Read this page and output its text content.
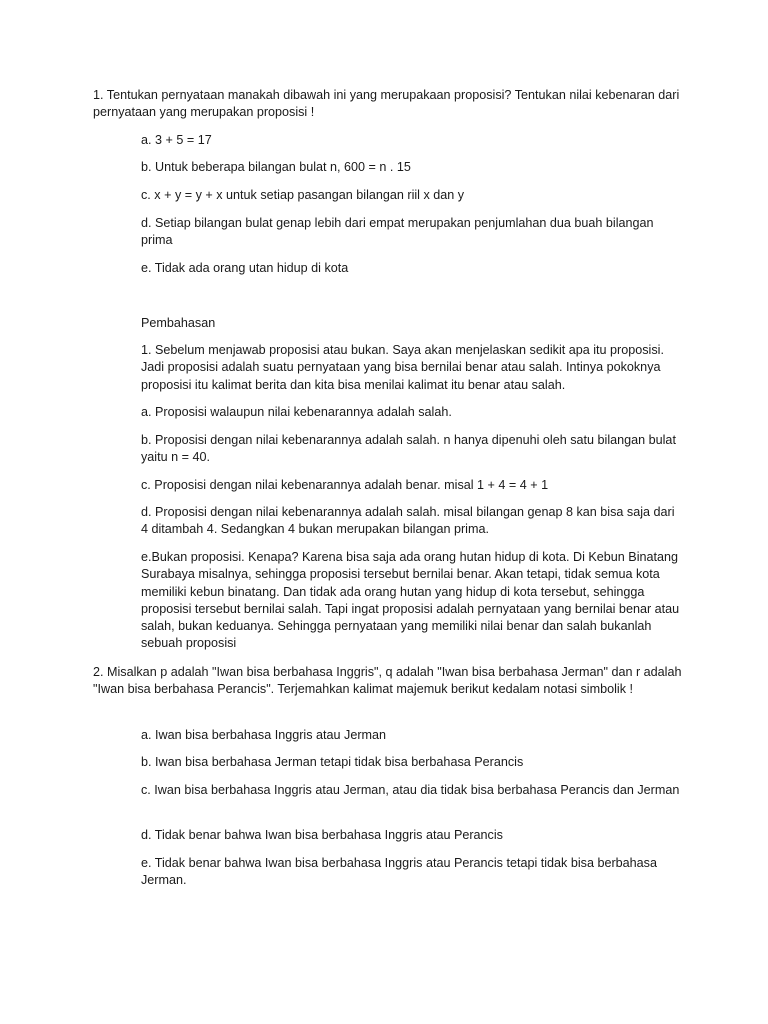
1. Tentukan pernyataan manakah dibawah ini yang merupakaan proposisi? Tentukan nilai kebenaran dari pernyataan yang merupakan proposisi !

a. 3 + 5 = 17

b. Untuk beberapa bilangan bulat n, 600 = n . 15

c. x + y = y + x untuk setiap pasangan bilangan riil x dan y

d. Setiap bilangan bulat genap lebih dari empat merupakan penjumlahan dua buah bilangan prima

e. Tidak ada orang utan hidup di kota

Pembahasan

1. Sebelum menjawab proposisi atau bukan. Saya akan menjelaskan sedikit apa itu proposisi. Jadi proposisi adalah suatu pernyataan yang bisa bernilai benar atau salah. Intinya pokoknya proposisi itu kalimat berita dan kita bisa menilai kalimat itu benar atau salah.

a. Proposisi walaupun nilai kebenarannya adalah salah.

b. Proposisi dengan nilai kebenarannya adalah salah. n hanya dipenuhi oleh satu bilangan bulat yaitu n = 40.

c. Proposisi dengan nilai kebenarannya adalah benar. misal 1 + 4 = 4 + 1

d. Proposisi dengan nilai kebenarannya adalah salah. misal bilangan genap 8 kan bisa saja dari 4 ditambah 4. Sedangkan 4 bukan merupakan bilangan prima.

e.Bukan proposisi. Kenapa? Karena bisa saja ada orang hutan hidup di kota. Di Kebun Binatang Surabaya misalnya, sehingga proposisi tersebut bernilai benar. Akan tetapi, tidak semua kota memiliki kebun binatang. Dan tidak ada orang hutan yang hidup di kota tersebut, sehingga proposisi tersebut bernilai salah. Tapi ingat proposisi adalah pernyataan yang bernilai benar atau salah, bukan keduanya. Sehingga pernyataan yang memiliki nilai benar dan salah bukanlah sebuah proposisi

2. Misalkan p adalah "Iwan bisa berbahasa Inggris", q adalah "Iwan bisa berbahasa Jerman" dan r adalah "Iwan bisa berbahasa Perancis". Terjemahkan kalimat majemuk berikut kedalam notasi simbolik !

a. Iwan bisa berbahasa Inggris atau Jerman

b. Iwan bisa berbahasa Jerman tetapi tidak bisa berbahasa Perancis

c. Iwan bisa berbahasa Inggris atau Jerman, atau dia tidak bisa berbahasa Perancis dan Jerman

d. Tidak benar bahwa Iwan bisa berbahasa Inggris atau Perancis

e. Tidak benar bahwa Iwan bisa berbahasa Inggris atau Perancis tetapi tidak bisa berbahasa Jerman.
